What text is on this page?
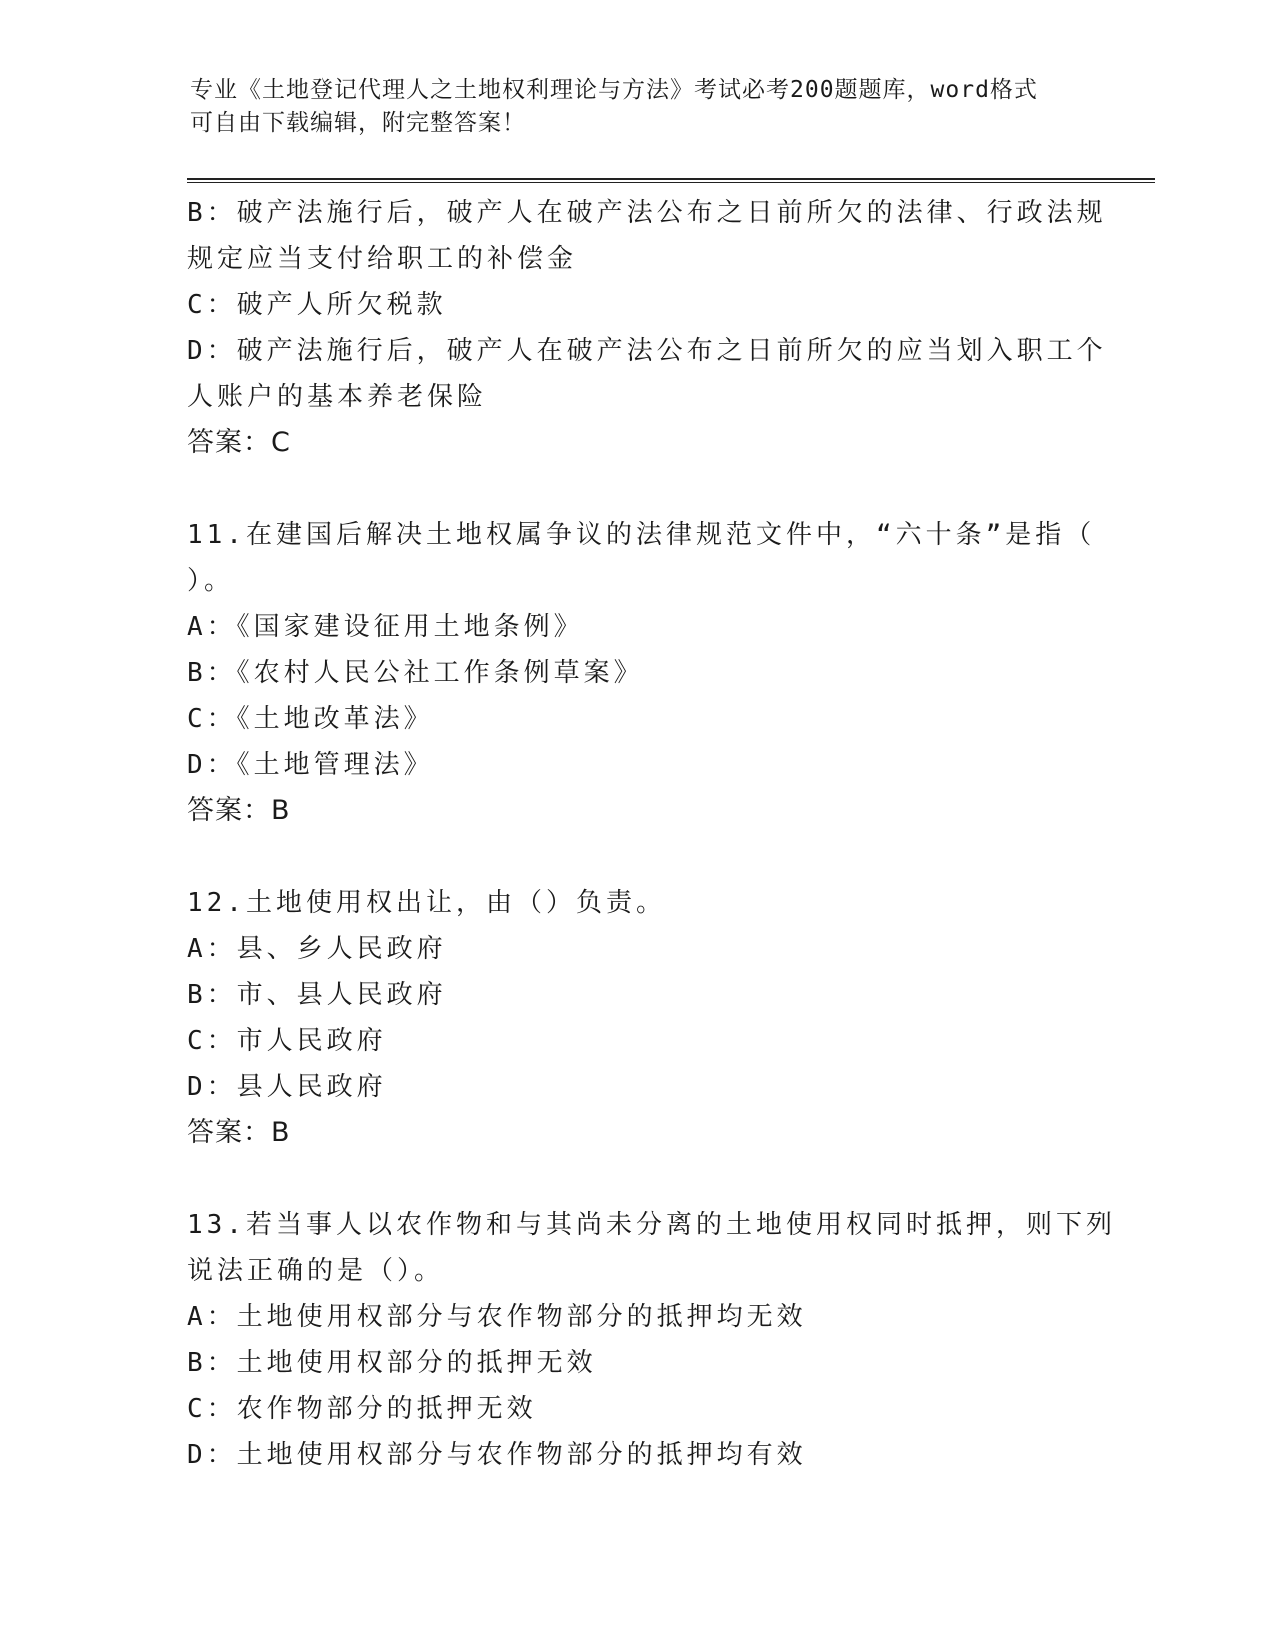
专业《土地登记代理人之土地权利理论与方法》考试必考200题题库，word格式
可自由下载编辑，附完整答案！
B：破产法施行后，破产人在破产法公布之日前所欠的法律、行政法规
规定应当支付给职工的补偿金
C：破产人所欠税款
D：破产法施行后，破产人在破产法公布之日前所欠的应当划入职工个
人账户的基本养老保险
答案：C
11.在建国后解决土地权属争议的法律规范文件中，“六十条”是指（
）。
A：《国家建设征用土地条例》
B：《农村人民公社工作条例草案》
C：《土地改革法》
D：《土地管理法》
答案：B
12.土地使用权出让，由（）负责。
A：县、乡人民政府
B：市、县人民政府
C：市人民政府
D：县人民政府
答案：B
13.若当事人以农作物和与其尚未分离的土地使用权同时抵押，则下列
说法正确的是（）。
A：土地使用权部分与农作物部分的抵押均无效
B：土地使用权部分的抵押无效
C：农作物部分的抵押无效
D：土地使用权部分与农作物部分的抵押均有效
